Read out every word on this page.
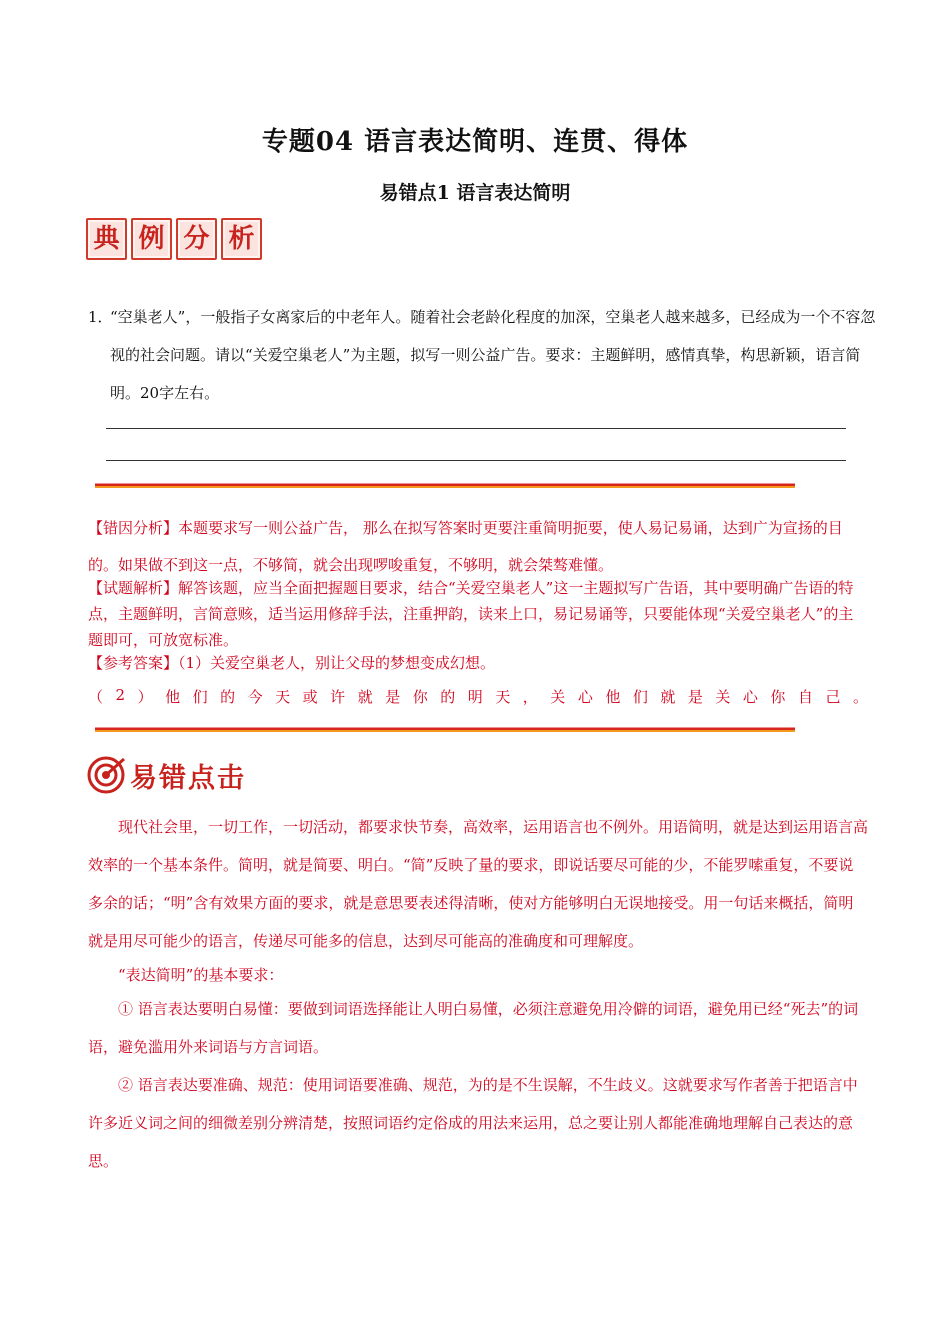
专题04 语言表达简明、连贯、得体
易错点1 语言表达简明
典 例 分 析
1．
“空巢老人”，一般指子女离家后的中老年人。随着社会老龄化程度的加深，空巢老人越来越多，已经成为一个不容忽视的社会问题。请以“关爱空巢老人”为主题，拟写一则公益广告。要求：主题鲜明，感情真挚，构思新颖，语言简明。20字左右。

【错因分析】本题要求写一则公益广告， 那么在拟写答案时更要注重简明扼要，使人易记易诵，达到广为宣扬的目的。如果做不到这一点，不够简，就会出现啰唆重复，不够明，就会桀骜难懂。

【试题解析】解答该题，应当全面把握题目要求，结合“关爱空巢老人”这一主题拟写广告语，其中要明确广告语的特点，主题鲜明，言简意赅，适当运用修辞手法，注重押韵，读来上口，易记易诵等，只要能体现“关爱空巢老人”的主题即可，可放宽标准。

【参考答案】（1）关爱空巢老人，别让父母的梦想变成幻想。

（ 2 ） 他 们 的 今 天 或 许 就 是 你 的 明 天 ， 关 心 他 们 就 是 关 心 你 自 己 。
易错点击

现代社会里，一切工作，一切活动，都要求快节奏，高效率，运用语言也不例外。用语简明，就是达到运用语言高效率的一个基本条件。简明，就是简要、明白。“简”反映了量的要求，即说话要尽可能的少，不能罗嗦重复，不要说多余的话；“明”含有效果方面的要求，就是意思要表述得清晰，使对方能够明白无误地接受。用一句话来概括，简明就是用尽可能少的语言，传递尽可能多的信息，达到尽可能高的准确度和可理解度。

“表达简明”的基本要求：

① 语言表达要明白易懂：要做到词语选择能让人明白易懂，必须注意避免用冷僻的词语，避免用已经“死去”的词语，避免滥用外来词语与方言词语。

② 语言表达要准确、规范：使用词语要准确、规范，为的是不生误解，不生歧义。这就要求写作者善于把语言中许多近义词之间的细微差别分辨清楚，按照词语约定俗成的用法来运用，总之要让别人都能准确地理解自己表达的意思。
